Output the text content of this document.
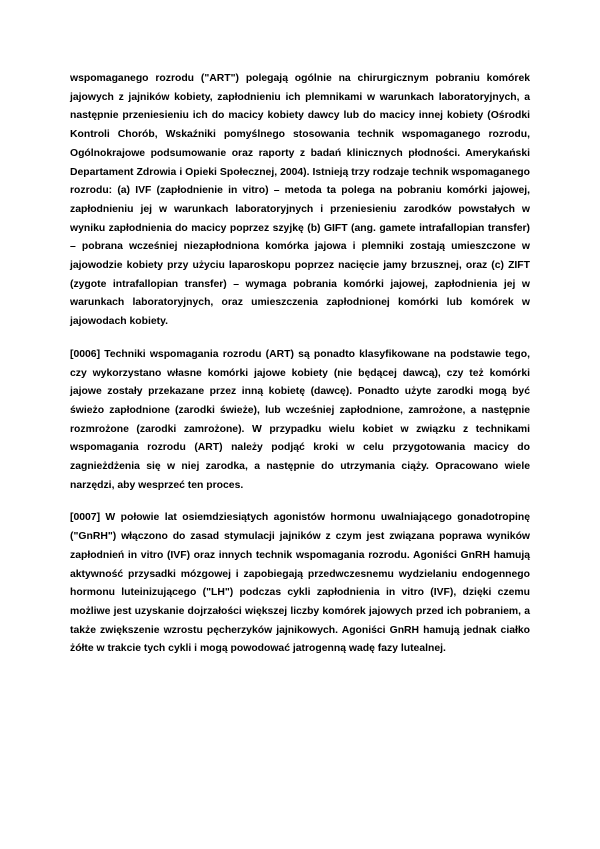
wspomaganego rozrodu ("ART") polegają ogólnie na chirurgicznym pobraniu komórek jajowych z jajników kobiety, zapłodnieniu ich plemnikami w warunkach laboratoryjnych, a następnie przeniesieniu ich do macicy kobiety dawcy lub do macicy innej kobiety (Ośrodki Kontroli Chorób, Wskaźniki pomyślnego stosowania technik wspomaganego rozrodu, Ogólnokrajowe podsumowanie oraz raporty z badań klinicznych płodności. Amerykański Departament Zdrowia i Opieki Społecznej, 2004). Istnieją trzy rodzaje technik wspomaganego rozrodu: (a) IVF (zapłodnienie in vitro) – metoda ta polega na pobraniu komórki jajowej, zapłodnieniu jej w warunkach laboratoryjnych i przeniesieniu zarodków powstałych w wyniku zapłodnienia do macicy poprzez szyjkę (b) GIFT (ang. gamete intrafallopian transfer) – pobrana wcześniej niezapłodniona komórka jajowa i plemniki zostają umieszczone w jajowodzie kobiety przy użyciu laparoskopu poprzez nacięcie jamy brzusznej, oraz (c) ZIFT (zygote intrafallopian transfer) – wymaga pobrania komórki jajowej, zapłodnienia jej w warunkach laboratoryjnych, oraz umieszczenia zapłodnionej komórki lub komórek w jajowodach kobiety.

[0006] Techniki wspomagania rozrodu (ART) są ponadto klasyfikowane na podstawie tego, czy wykorzystano własne komórki jajowe kobiety (nie będącej dawcą), czy też komórki jajowe zostały przekazane przez inną kobietę (dawcę). Ponadto użyte zarodki mogą być świeżo zapłodnione (zarodki świeże), lub wcześniej zapłodnione, zamrożone, a następnie rozmrożone (zarodki zamrożone). W przypadku wielu kobiet w związku z technikami wspomagania rozrodu (ART) należy podjąć kroki w celu przygotowania macicy do zagnieżdżenia się w niej zarodka, a następnie do utrzymania ciąży. Opracowano wiele narzędzi, aby wesprzeć ten proces.

[0007] W połowie lat osiemdziesiątych agonistów hormonu uwalniającego gonadotropinę ("GnRH") włączono do zasad stymulacji jajników z czym jest związana poprawa wyników zapłodnień in vitro (IVF) oraz innych technik wspomagania rozrodu. Agoniści GnRH hamują aktywność przysadki mózgowej i zapobiegają przedwczesnemu wydzielaniu endogennego hormonu luteinizującego ("LH") podczas cykli zapłodnienia in vitro (IVF), dzięki czemu możliwe jest uzyskanie dojrzałości większej liczby komórek jajowych przed ich pobraniem, a także zwiększenie wzrostu pęcherzyków jajnikowych. Agoniści GnRH hamują jednak ciałko żółte w trakcie tych cykli i mogą powodować jatrogenną wadę fazy lutealnej.
